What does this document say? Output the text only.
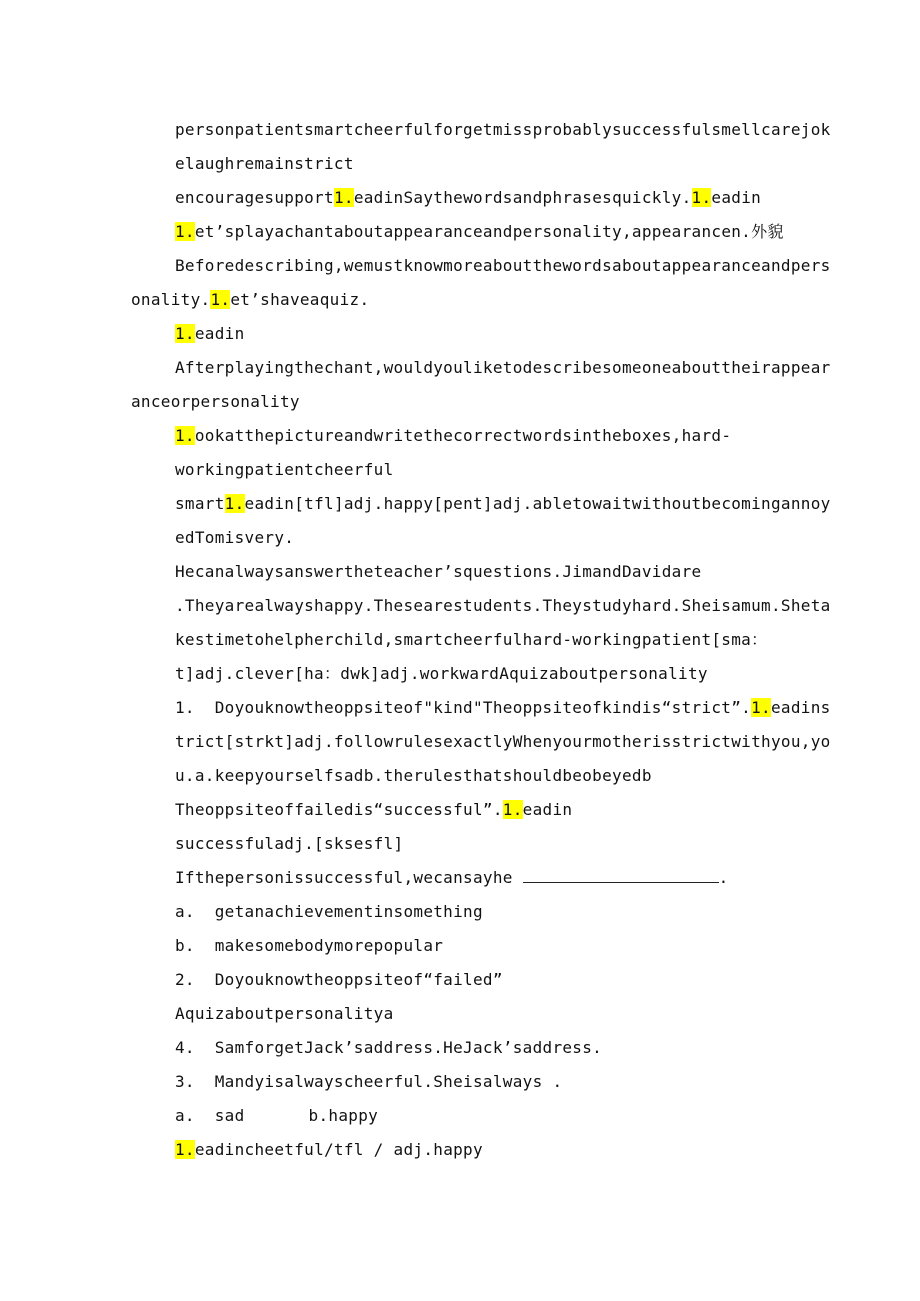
personpatientsmartcheerfulforgetmissprobablysuccessfulsmellcarejok
elaughremainstrict
encouragesupport1.eadinSaythewordsandphrasesquickly.1.eadin
1.et’splayachantaboutappearanceandpersonality,appearancen.外貌
Beforedescribing,wemustknowmoreaboutthewordsaboutappearanceandpers
onality.1.et’shaveaquiz.
1.eadin
Afterplayingthechant,wouldyouliketodescribesomeoneabouttheirappear
anceorpersonality
1.ookatthepictureandwritethecorrectwordsintheboxes,hard-
workingpatientcheerful
smart1.eadin[tfl]adj.happy[pent]adj.abletowaitwithoutbecomingannoy
edTomisvery.
Hecanalwaysanswertheteacher’squestions.JimandDavidare
.Theyarealwayshappy.Thesearestudents.Theystudyhard.Sheisamum.Sheta
kestimetohelpherchild,smartcheerfulhard-workingpatient[sma：
t]adj.clever[ha：dwk]adj.workwardAquizaboutpersonality
1.  Doyouknowtheoppsiteof"kind"Theoppsiteofkindis“strict”.1.eadins
trict[strkt]adj.followrulesexactlyWhenyourmotherisstrictwithyou,yo
u.a.keepyourselfsadb.therulesthatshouldbeobeyedb
Theoppsiteoffailedis“successful”.1.eadin
successfuladj.[sksesfl]
Ifthepersonissuccessful,wecansayhe	.
a.  getanachievementinsomething
b.  makesomebodymorepopular
2.  Doyouknowtheoppsiteof“failed”
Aquizaboutpersonalitya
4.  SamforgetJack’saddress.HeJack’saddress.
3.  Mandyisalwayscheerful.Sheisalways .
a.  sad	b.happy
1.eadincheetful/tfl / adj.happy
